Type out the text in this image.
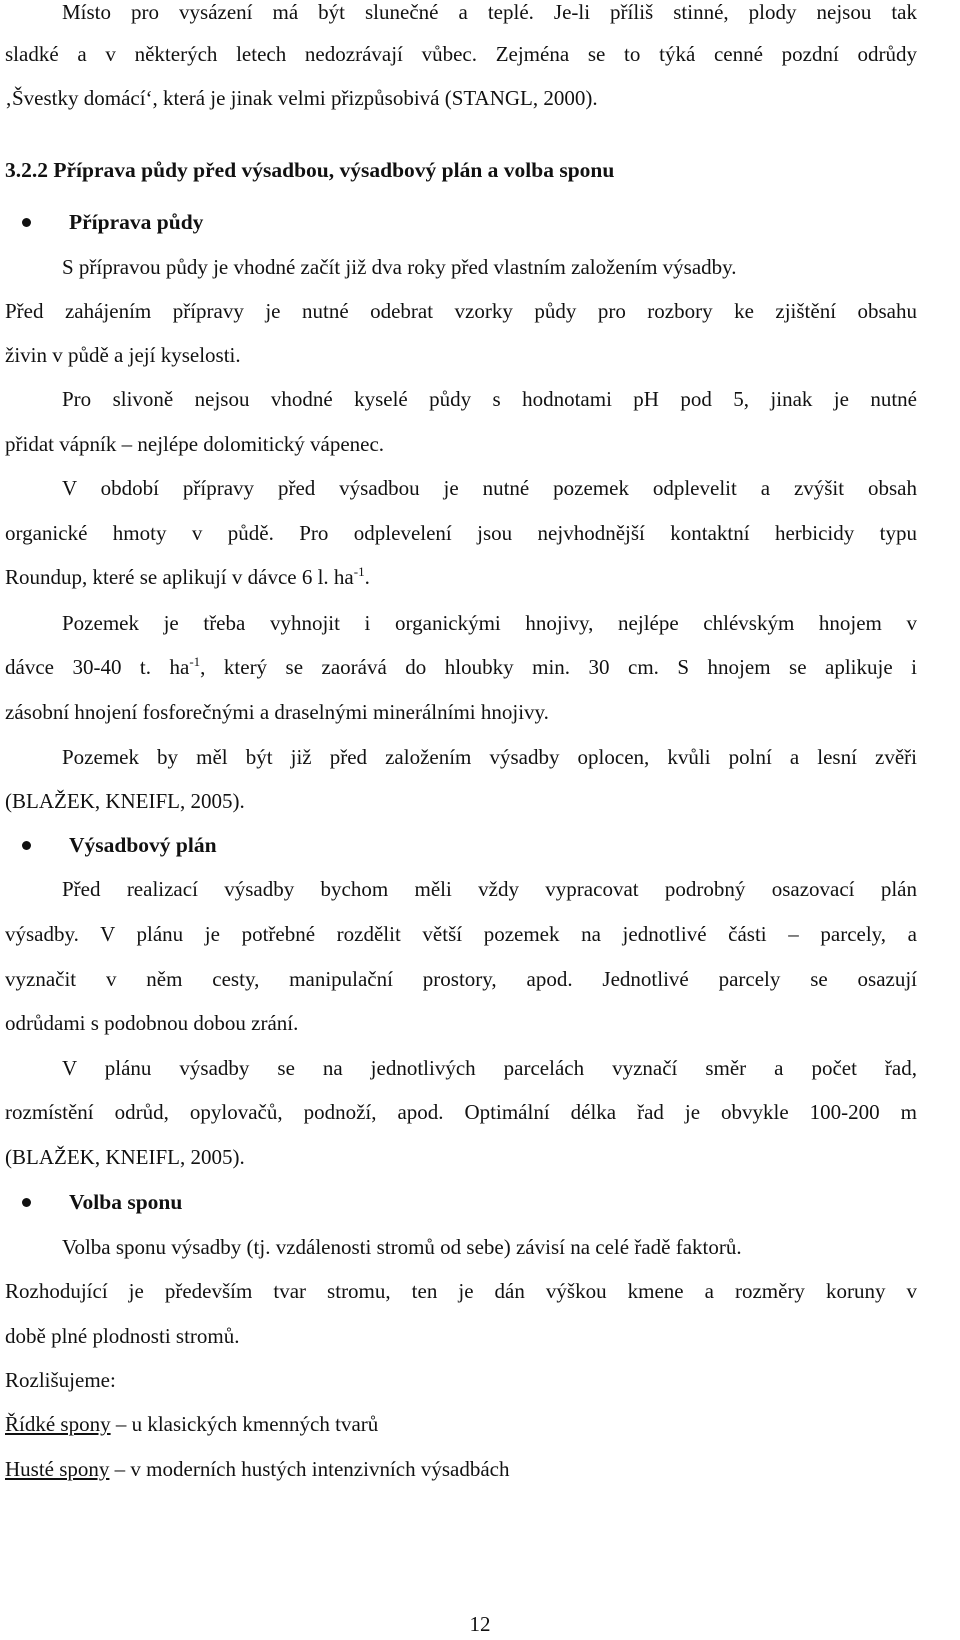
Místo pro vysázení má být slunečné a teplé. Je-li příliš stinné, plody nejsou tak
sladké a v některých letech nedozrávají vůbec. Zejména se to týká cenné pozdní odrůdy
‚Švestky domácí‘, která je jinak velmi přizpůsobivá (STANGL, 2000).
3.2.2 Příprava půdy před výsadbou, výsadbový plán a volba sponu
Příprava půdy
S přípravou půdy je vhodné začít již dva roky před vlastním založením výsadby.
Před zahájením přípravy je nutné odebrat vzorky půdy pro rozbory ke zjištění obsahu
živin v půdě a její kyselosti.
Pro slivoně nejsou vhodné kyselé půdy s hodnotami pH pod 5, jinak je nutné
přidat vápník – nejlépe dolomitický vápenec.
V období přípravy před výsadbou je nutné pozemek odplevelit a zvýšit obsah
organické hmoty v půdě. Pro odplevelení jsou nejvhodnější kontaktní herbicidy typu
Roundup, které se aplikují v dávce 6 l. $ha^{-1}$.
Pozemek je třeba vyhnojit i organickými hnojivy, nejlépe chlévským hnojem v
dávce 30-40 t. $ha^{-1}$, který se zaorává do hloubky min. 30 cm. S hnojem se aplikuje i
zásobní hnojení fosforečnými a draselnými minerálními hnojivy.
Pozemek by měl být již před založením výsadby oplocen, kvůli polní a lesní zvěři
(BLAŽEK, KNEIFL, 2005).
Výsadbový plán
Před realizací výsadby bychom měli vždy vypracovat podrobný osazovací plán
výsadby. V plánu je potřebné rozdělit větší pozemek na jednotlivé části – parcely, a
vyznačit v něm cesty, manipulační prostory, apod. Jednotlivé parcely se osazují
odrůdami s podobnou dobou zrání.
V plánu výsadby se na jednotlivých parcelách vyznačí směr a počet řad,
rozmístění odrůd, opylovačů, podnoží, apod. Optimální délka řad je obvykle 100-200 m
(BLAŽEK, KNEIFL, 2005).
Volba sponu
Volba sponu výsadby (tj. vzdálenosti stromů od sebe) závisí na celé řadě faktorů.
Rozhodující je především tvar stromu, ten je dán výškou kmene a rozměry koruny v
době plné plodnosti stromů.
Rozlišujeme:
Řídké spony – u klasických kmenných tvarů
Husté spony – v moderních hustých intenzivních výsadbách
12
